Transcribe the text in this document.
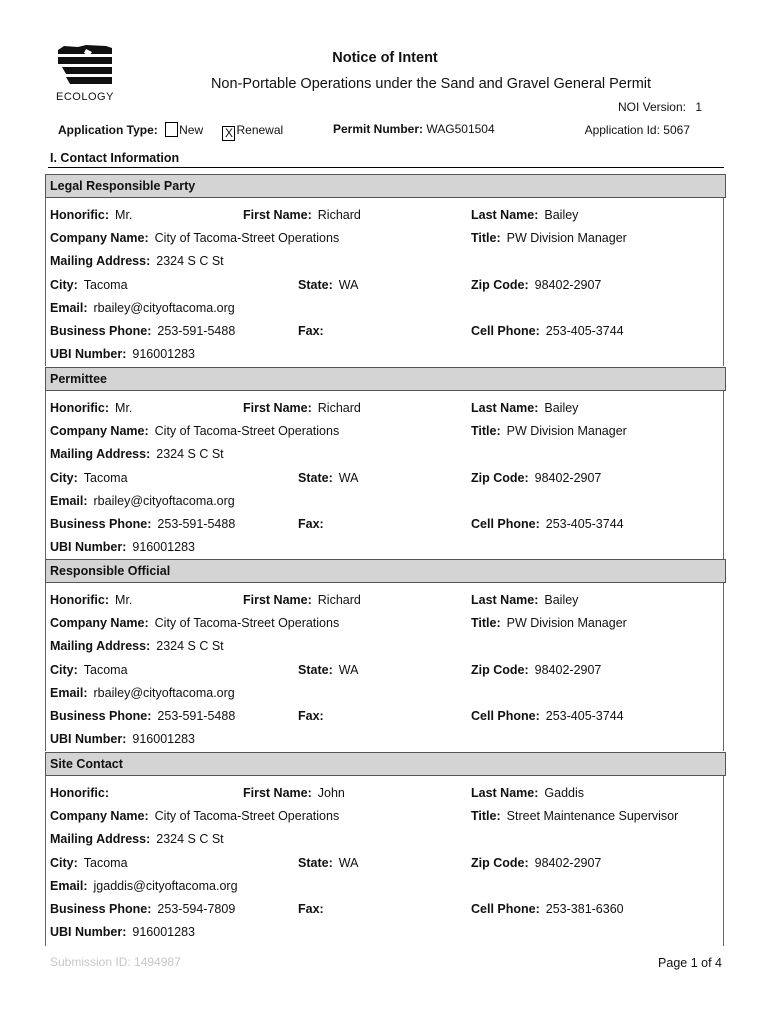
ECOLOGY
Notice of Intent
Non-Portable Operations under the Sand and Gravel General Permit
NOI Version: 1
Application Type: New X Renewal	Permit Number: WAG501504	Application Id: 5067
I. Contact Information
Legal Responsible Party
Honorific: Mr.	First Name: Richard	Last Name: Bailey
Company Name: City of Tacoma-Street Operations	Title: PW Division Manager
Mailing Address: 2324 S C St
City: Tacoma	State: WA	Zip Code: 98402-2907
Email: rbailey@cityoftacoma.org
Business Phone: 253-591-5488	Fax:	Cell Phone: 253-405-3744
UBI Number: 916001283
Permittee
Honorific: Mr.	First Name: Richard	Last Name: Bailey
Company Name: City of Tacoma-Street Operations	Title: PW Division Manager
Mailing Address: 2324 S C St
City: Tacoma	State: WA	Zip Code: 98402-2907
Email: rbailey@cityoftacoma.org
Business Phone: 253-591-5488	Fax:	Cell Phone: 253-405-3744
UBI Number: 916001283
Responsible Official
Honorific: Mr.	First Name: Richard	Last Name: Bailey
Company Name: City of Tacoma-Street Operations	Title: PW Division Manager
Mailing Address: 2324 S C St
City: Tacoma	State: WA	Zip Code: 98402-2907
Email: rbailey@cityoftacoma.org
Business Phone: 253-591-5488	Fax:	Cell Phone: 253-405-3744
UBI Number: 916001283
Site Contact
Honorific:	First Name: John	Last Name: Gaddis
Company Name: City of Tacoma-Street Operations	Title: Street Maintenance Supervisor
Mailing Address: 2324 S C St
City: Tacoma	State: WA	Zip Code: 98402-2907
Email: jgaddis@cityoftacoma.org
Business Phone: 253-594-7809	Fax:	Cell Phone: 253-381-6360
UBI Number: 916001283
Submission ID: 1494987	Page 1 of 4
